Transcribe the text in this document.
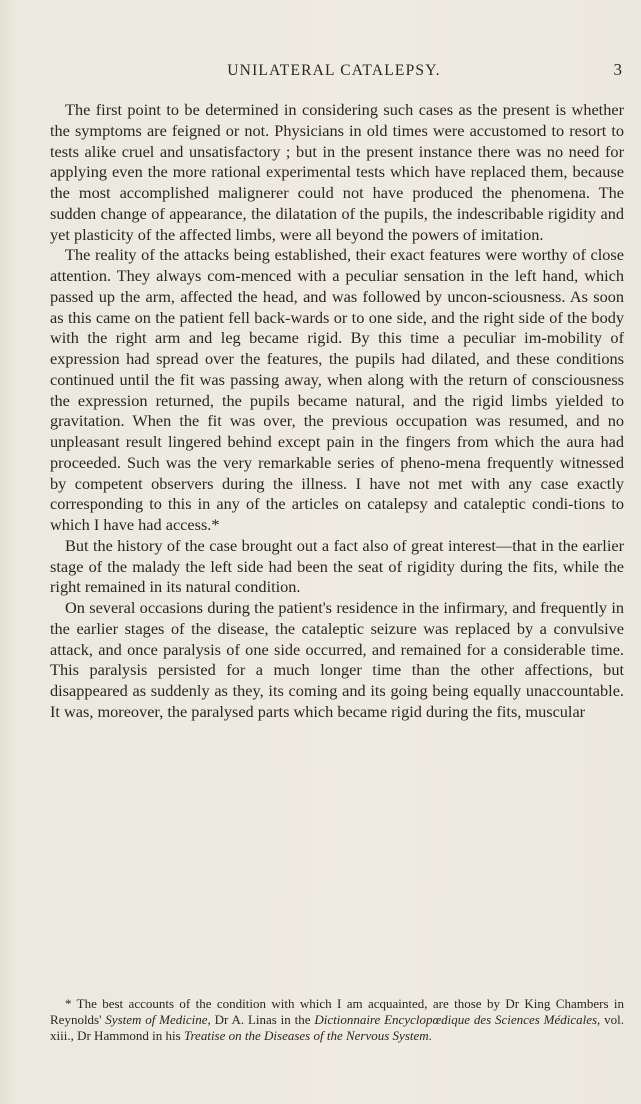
UNILATERAL CATALEPSY.	3

The first point to be determined in considering such cases as the present is whether the symptoms are feigned or not. Physicians in old times were accustomed to resort to tests alike cruel and unsatisfactory ; but in the present instance there was no need for applying even the more rational experimental tests which have replaced them, because the most accomplished malignerer could not have produced the phenomena. The sudden change of appearance, the dilatation of the pupils, the indescribable rigidity and yet plasticity of the affected limbs, were all beyond the powers of imitation.

The reality of the attacks being established, their exact features were worthy of close attention. They always com-menced with a peculiar sensation in the left hand, which passed up the arm, affected the head, and was followed by uncon-sciousness. As soon as this came on the patient fell back-wards or to one side, and the right side of the body with the right arm and leg became rigid. By this time a peculiar im-mobility of expression had spread over the features, the pupils had dilated, and these conditions continued until the fit was passing away, when along with the return of consciousness the expression returned, the pupils became natural, and the rigid limbs yielded to gravitation. When the fit was over, the previous occupation was resumed, and no unpleasant result lingered behind except pain in the fingers from which the aura had proceeded. Such was the very remarkable series of pheno-mena frequently witnessed by competent observers during the illness. I have not met with any case exactly corresponding to this in any of the articles on catalepsy and cataleptic condi-tions to which I have had access.*

But the history of the case brought out a fact also of great interest—that in the earlier stage of the malady the left side had been the seat of rigidity during the fits, while the right remained in its natural condition.

On several occasions during the patient's residence in the infirmary, and frequently in the earlier stages of the disease, the cataleptic seizure was replaced by a convulsive attack, and once paralysis of one side occurred, and remained for a considerable time. This paralysis persisted for a much longer time than the other affections, but disappeared as suddenly as they, its coming and its going being equally unaccountable. It was, moreover, the paralysed parts which became rigid during the fits, muscular

* The best accounts of the condition with which I am acquainted, are those by Dr King Chambers in Reynolds' System of Medicine, Dr A. Linas in the Dictionnaire Encyclopœdique des Sciences Médicales, vol. xiii., Dr Hammond in his Treatise on the Diseases of the Nervous System.
